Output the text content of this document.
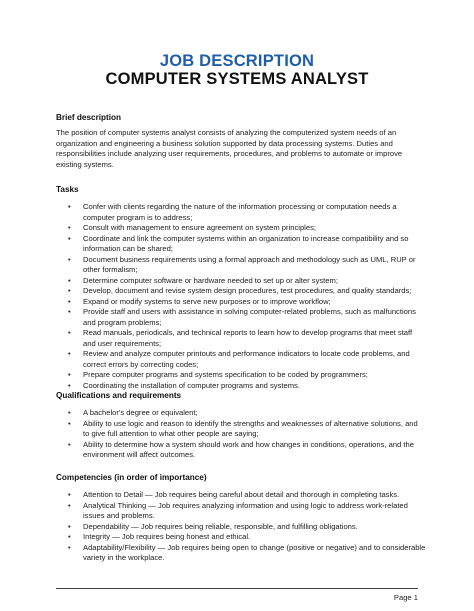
JOB DESCRIPTION
COMPUTER SYSTEMS ANALYST
Brief description
The position of computer systems analyst consists of analyzing the computerized system needs of an organization and engineering a business solution supported by data processing systems. Duties and responsibilities include analyzing user requirements, procedures, and problems to automate or improve existing systems.
Tasks
• Confer with clients regarding the nature of the information processing or computation needs a computer program is to address;
• Consult with management to ensure agreement on system principles;
• Coordinate and link the computer systems within an organization to increase compatibility and so information can be shared;
• Document business requirements using a formal approach and methodology such as UML, RUP or other formalism;
• Determine computer software or hardware needed to set up or alter system;
• Develop, document and revise system design procedures, test procedures, and quality standards;
• Expand or modify systems to serve new purposes or to improve workflow;
• Provide staff and users with assistance in solving computer-related problems, such as malfunctions and program problems;
• Read manuals, periodicals, and technical reports to learn how to develop programs that meet staff and user requirements;
• Review and analyze computer printouts and performance indicators to locate code problems, and correct errors by correcting codes;
• Prepare computer programs and systems specification to be coded by programmers;
• Coordinating the installation of computer programs and systems.
Qualifications and requirements
• A bachelor's degree or equivalent;
• Ability to use logic and reason to identify the strengths and weaknesses of alternative solutions, and to give full attention to what other people are saying;
• Ability to determine how a system should work and how changes in conditions, operations, and the environment will affect outcomes.
Competencies (in order of importance)
• Attention to Detail — Job requires being careful about detail and thorough in completing tasks.
• Analytical Thinking — Job requires analyzing information and using logic to address work-related issues and problems.
• Dependability — Job requires being reliable, responsible, and fulfilling obligations.
• Integrity — Job requires being honest and ethical.
• Adaptability/Flexibility — Job requires being open to change (positive or negative) and to considerable variety in the workplace.
Page 1
